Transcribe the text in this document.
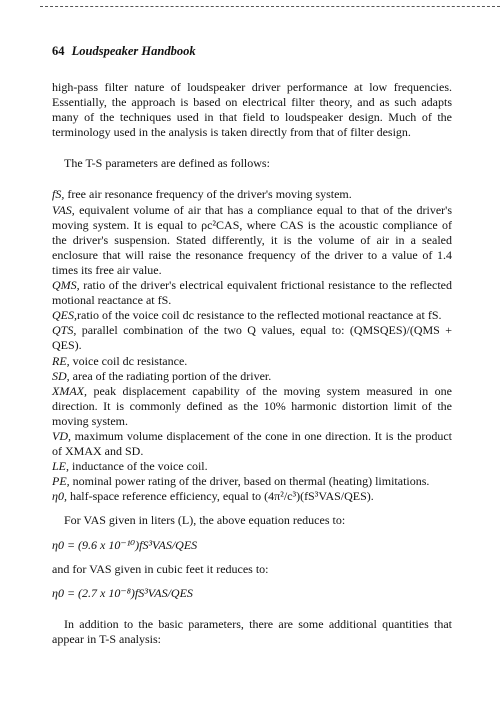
64 Loudspeaker Handbook

high-pass filter nature of loudspeaker driver performance at low frequencies. Essentially, the approach is based on electrical filter theory, and as such adapts many of the techniques used in that field to loudspeaker design. Much of the terminology used in the analysis is taken directly from that of filter design.

The T-S parameters are defined as follows:

fS, free air resonance frequency of the driver's moving system.

VAS, equivalent volume of air that has a compliance equal to that of the driver's moving system. It is equal to ρc²CAS, where CAS is the acoustic compliance of the driver's suspension. Stated differently, it is the volume of air in a sealed enclosure that will raise the resonance frequency of the driver to a value of 1.4 times its free air value.

QMS, ratio of the driver's electrical equivalent frictional resistance to the reflected motional reactance at fS.

QES,ratio of the voice coil dc resistance to the reflected motional reactance at fS.

QTS, parallel combination of the two Q values, equal to: (QMSQES)/(QMS + QES).

RE, voice coil dc resistance.

SD, area of the radiating portion of the driver.

XMAX, peak displacement capability of the moving system measured in one direction. It is commonly defined as the 10% harmonic distortion limit of the moving system.

VD, maximum volume displacement of the cone in one direction. It is the product of XMAX and SD.

LE, inductance of the voice coil.

PE, nominal power rating of the driver, based on thermal (heating) limitations.

η0, half-space reference efficiency, equal to (4π²/c³)(fS³VAS/QES).

For VAS given in liters (L), the above equation reduces to:

η0 = (9.6 x 10⁻¹⁰)fS³VAS/QES

and for VAS given in cubic feet it reduces to:

η0 = (2.7 x 10⁻⁸)fS³VAS/QES

In addition to the basic parameters, there are some additional quantities that appear in T-S analysis:
